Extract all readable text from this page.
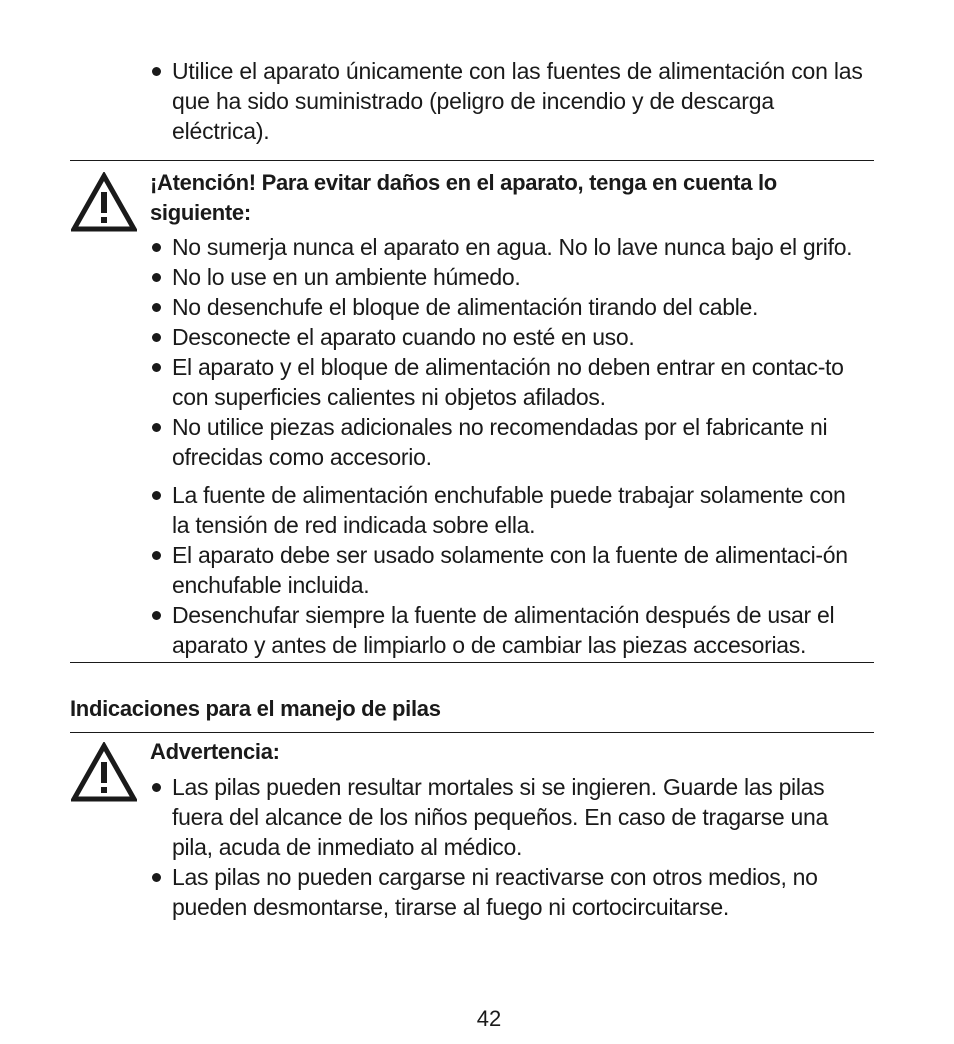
Utilice el aparato únicamente con las fuentes de alimentación con las que ha sido suministrado (peligro de incendio y de descarga eléctrica).
¡Atención! Para evitar daños en el aparato, tenga en cuenta lo siguiente:
No sumerja nunca el aparato en agua. No lo lave nunca bajo el grifo.
No lo use en un ambiente húmedo.
No desenchufe el bloque de alimentación tirando del cable.
Desconecte el aparato cuando no esté en uso.
El aparato y el bloque de alimentación no deben entrar en contac-to con superficies calientes ni objetos afilados.
No utilice piezas adicionales no recomendadas por el fabricante ni ofrecidas como accesorio.
La fuente de alimentación enchufable puede trabajar solamente con la tensión de red indicada sobre ella.
El aparato debe ser usado solamente con la fuente de alimentaci-ón enchufable incluida.
Desenchufar siempre la fuente de alimentación después de usar el aparato y antes de limpiarlo o de cambiar las piezas accesorias.
Indicaciones para el manejo de pilas
Advertencia:
Las pilas pueden resultar mortales si se ingieren. Guarde las pilas fuera del alcance de los niños pequeños. En caso de tragarse una pila, acuda de inmediato al médico.
Las pilas no pueden cargarse ni reactivarse con otros medios, no pueden desmontarse, tirarse al fuego ni cortocircuitarse.
42
